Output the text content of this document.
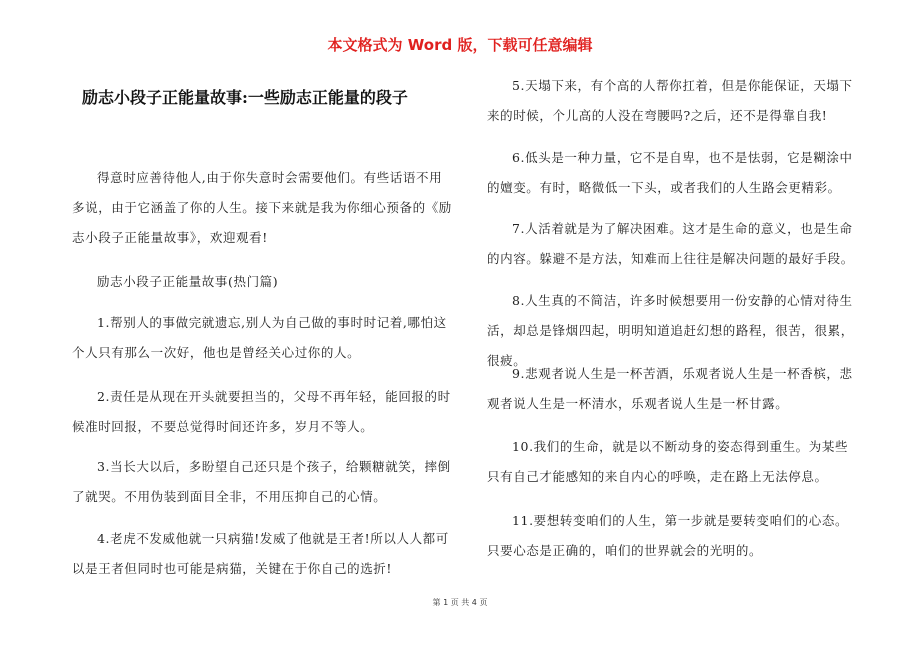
本文格式为 Word 版，下载可任意编辑
励志小段子正能量故事:一些励志正能量的段子

得意时应善待他人,由于你失意时会需要他们。有些话语不用多说，由于它涵盖了你的人生。接下来就是我为你细心预备的《励志小段子正能量故事》，欢迎观看!

励志小段子正能量故事(热门篇)

1.帮别人的事做完就遗忘,别人为自己做的事时时记着,哪怕这个人只有那么一次好，他也是曾经关心过你的人。

2.责任是从现在开头就要担当的，父母不再年轻，能回报的时候准时回报，不要总觉得时间还许多，岁月不等人。

3.当长大以后，多盼望自己还只是个孩子，给颗糖就笑，摔倒了就哭。不用伪装到面目全非，不用压抑自己的心情。

4.老虎不发威他就一只病猫!发威了他就是王者!所以人人都可以是王者但同时也可能是病猫，关键在于你自己的选折!

5.天塌下来，有个高的人帮你扛着，但是你能保证，天塌下来的时候，个儿高的人没在弯腰吗?之后，还不是得靠自我!

6.低头是一种力量，它不是自卑，也不是怯弱，它是糊涂中的嬗变。有时，略微低一下头，或者我们的人生路会更精彩。

7.人活着就是为了解决困难。这才是生命的意义，也是生命的内容。躲避不是方法，知难而上往往是解决问题的最好手段。

8.人生真的不简洁，许多时候想要用一份安静的心情对待生活，却总是锋烟四起，明明知道追赶幻想的路程，很苦，很累，很疲。

9.悲观者说人生是一杯苦酒，乐观者说人生是一杯香槟，悲观者说人生是一杯清水，乐观者说人生是一杯甘露。

10.我们的生命，就是以不断动身的姿态得到重生。为某些只有自己才能感知的来自内心的呼唤，走在路上无法停息。

11.要想转变咱们的人生，第一步就是要转变咱们的心态。只要心态是正确的，咱们的世界就会的光明的。

第 1 页 共 4 页
